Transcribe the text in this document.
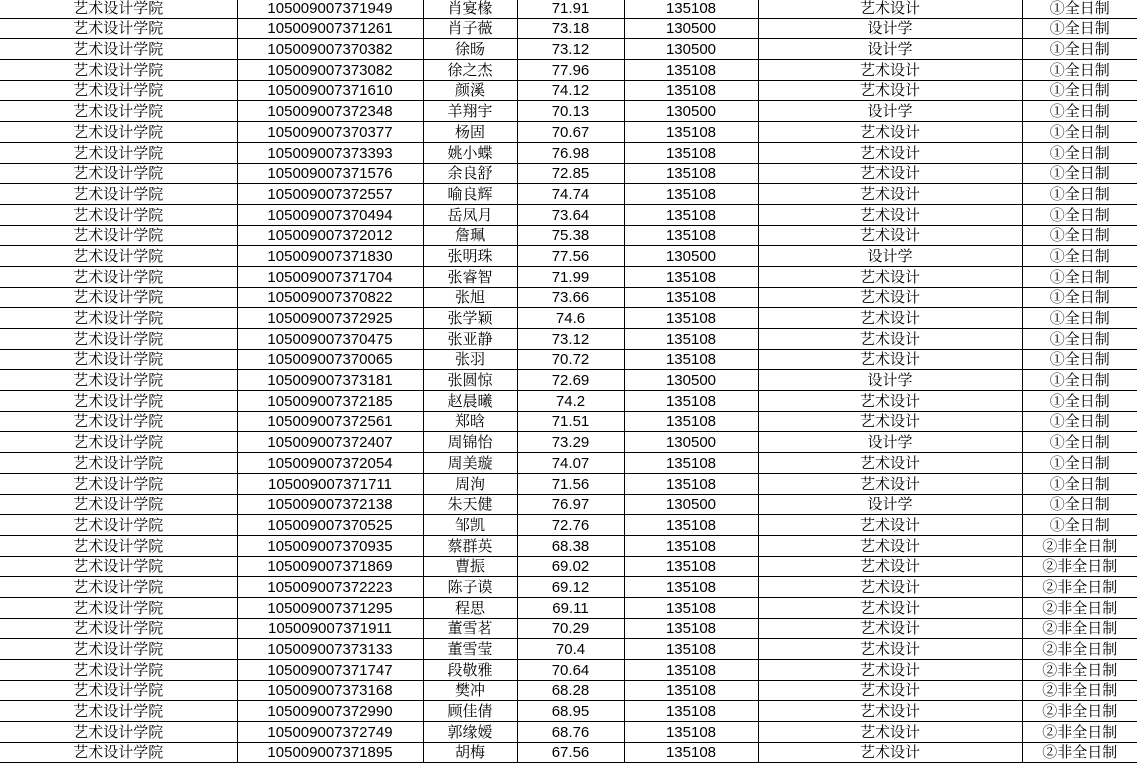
艺术设计学院	105009007371949	肖宴椽	71.91	135108	艺术设计	①全日制
艺术设计学院	105009007371261	肖子薇	73.18	130500	设计学	①全日制
艺术设计学院	105009007370382	徐旸	73.12	130500	设计学	①全日制
艺术设计学院	105009007373082	徐之杰	77.96	135108	艺术设计	①全日制
艺术设计学院	105009007371610	颜溪	74.12	135108	艺术设计	①全日制
艺术设计学院	105009007372348	羊翔宇	70.13	130500	设计学	①全日制
艺术设计学院	105009007370377	杨固	70.67	135108	艺术设计	①全日制
艺术设计学院	105009007373393	姚小蝶	76.98	135108	艺术设计	①全日制
艺术设计学院	105009007371576	余良舒	72.85	135108	艺术设计	①全日制
艺术设计学院	105009007372557	喻良辉	74.74	135108	艺术设计	①全日制
艺术设计学院	105009007370494	岳凤月	73.64	135108	艺术设计	①全日制
艺术设计学院	105009007372012	詹珮	75.38	135108	艺术设计	①全日制
艺术设计学院	105009007371830	张明珠	77.56	130500	设计学	①全日制
艺术设计学院	105009007371704	张睿智	71.99	135108	艺术设计	①全日制
艺术设计学院	105009007370822	张旭	73.66	135108	艺术设计	①全日制
艺术设计学院	105009007372925	张学颖	74.6	135108	艺术设计	①全日制
艺术设计学院	105009007370475	张亚静	73.12	135108	艺术设计	①全日制
艺术设计学院	105009007370065	张羽	70.72	135108	艺术设计	①全日制
艺术设计学院	105009007373181	张圆惊	72.69	130500	设计学	①全日制
艺术设计学院	105009007372185	赵晨曦	74.2	135108	艺术设计	①全日制
艺术设计学院	105009007372561	郑晗	71.51	135108	艺术设计	①全日制
艺术设计学院	105009007372407	周锦怡	73.29	130500	设计学	①全日制
艺术设计学院	105009007372054	周美璇	74.07	135108	艺术设计	①全日制
艺术设计学院	105009007371711	周洵	71.56	135108	艺术设计	①全日制
艺术设计学院	105009007372138	朱天健	76.97	130500	设计学	①全日制
艺术设计学院	105009007370525	邹凯	72.76	135108	艺术设计	①全日制
艺术设计学院	105009007370935	蔡群英	68.38	135108	艺术设计	②非全日制
艺术设计学院	105009007371869	曹振	69.02	135108	艺术设计	②非全日制
艺术设计学院	105009007372223	陈子谟	69.12	135108	艺术设计	②非全日制
艺术设计学院	105009007371295	程思	69.11	135108	艺术设计	②非全日制
艺术设计学院	105009007371911	董雪茗	70.29	135108	艺术设计	②非全日制
艺术设计学院	105009007373133	董雪莹	70.4	135108	艺术设计	②非全日制
艺术设计学院	105009007371747	段敬雅	70.64	135108	艺术设计	②非全日制
艺术设计学院	105009007373168	樊冲	68.28	135108	艺术设计	②非全日制
艺术设计学院	105009007372990	顾佳倩	68.95	135108	艺术设计	②非全日制
艺术设计学院	105009007372749	郭缘嫒	68.76	135108	艺术设计	②非全日制
艺术设计学院	105009007371895	胡梅	67.56	135108	艺术设计	②非全日制
